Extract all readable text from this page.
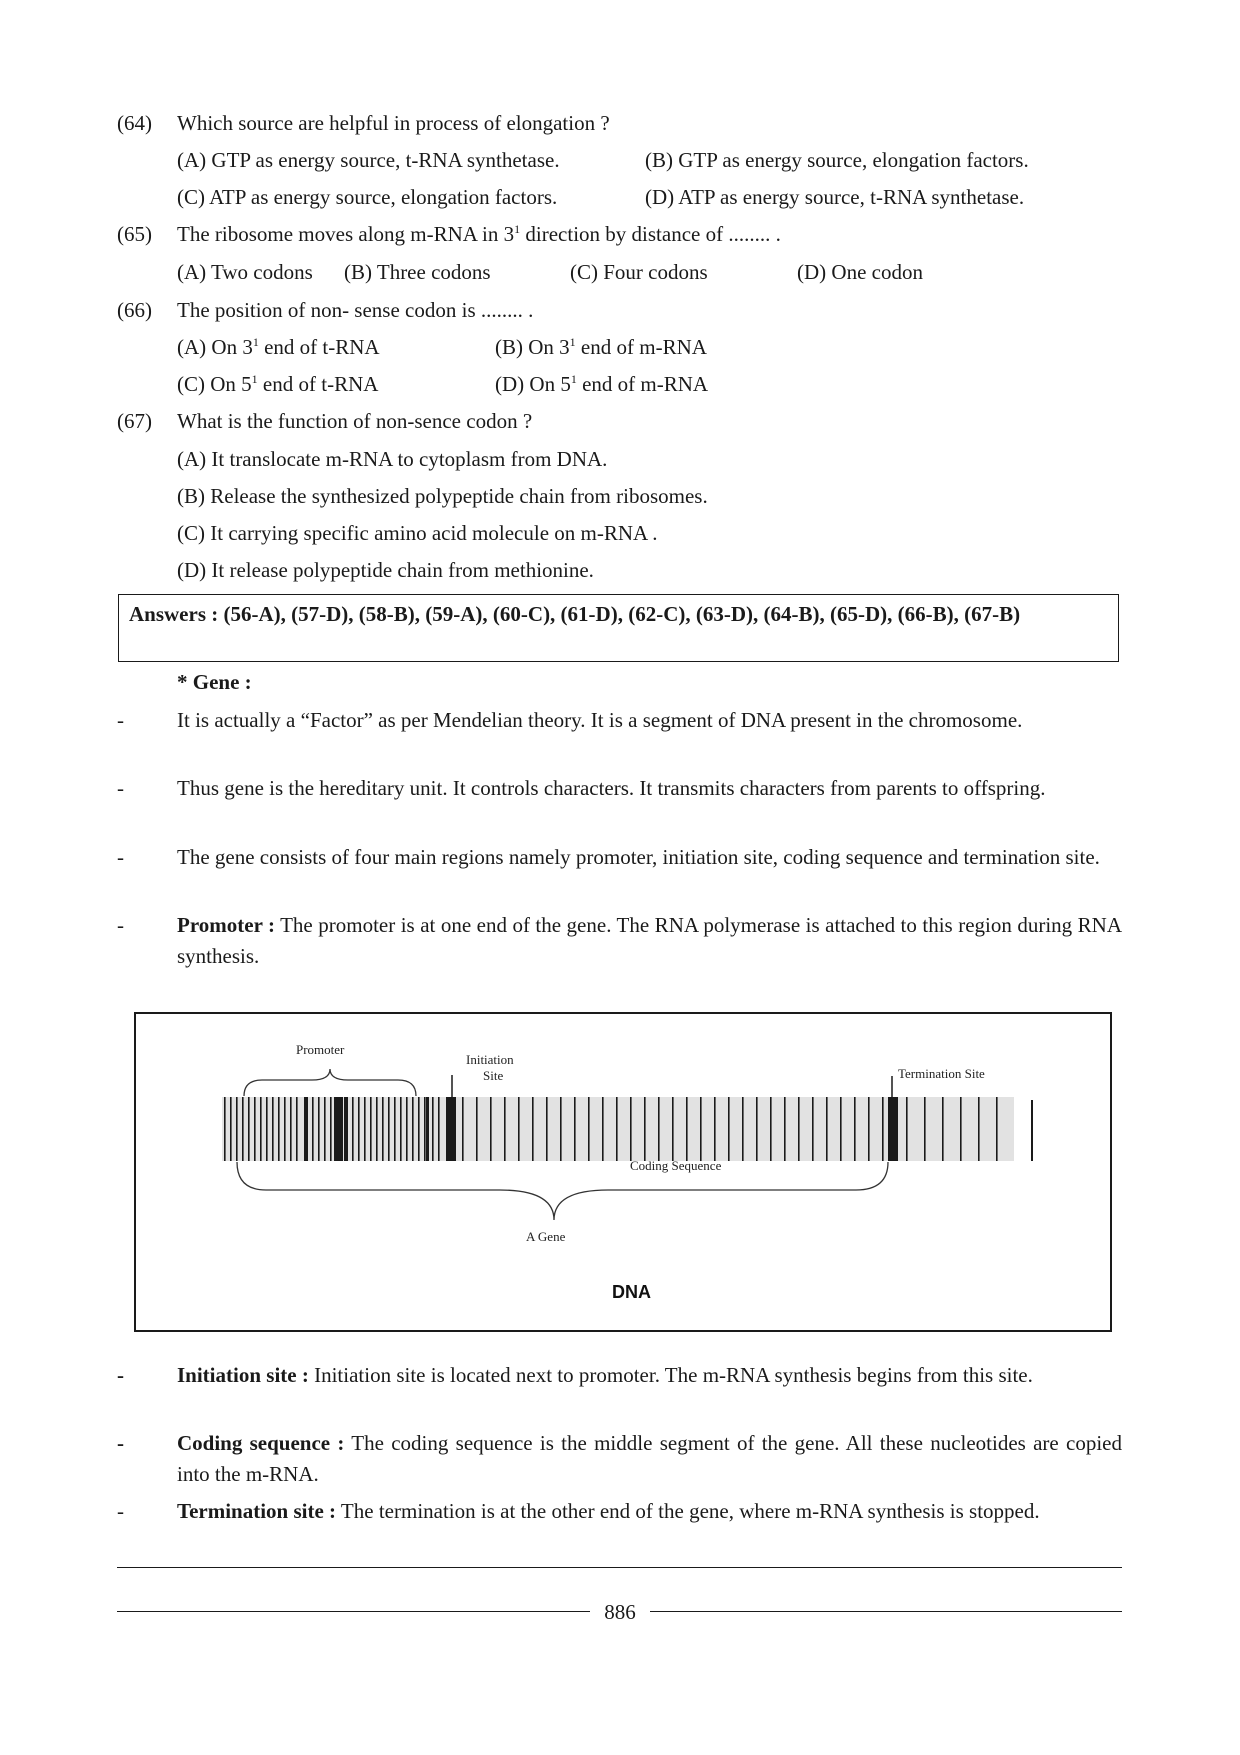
(64)	Which source are helpful in process of elongation ?
(A) GTP as energy source, t-RNA synthetase.	(B) GTP as energy source, elongation factors.
(C) ATP as energy source, elongation factors.	(D) ATP as energy source, t-RNA synthetase.
(65)	The ribosome moves along m-RNA in $3^1$ direction by distance of ........ .
(A) Two codons (B) Three codons	(C) Four codons	(D) One codon
(66)	The position of non- sense codon is ........ .
(A) On $3^1$ end of t-RNA	(B) On $3^1$ end of m-RNA
(C) On $5^1$ end of t-RNA	(D) On $5^1$ end of m-RNA
(67)	What is the function of non-sence codon ?
(A) It translocate m-RNA to cytoplasm from DNA.
(B) Release the synthesized polypeptide chain from ribosomes.
(C) It carrying specific amino acid molecule on m-RNA .
(D) It release polypeptide chain from methionine.
Answers : (56-A), (57-D), (58-B), (59-A), (60-C), (61-D), (62-C), (63-D), (64-B), (65-D), (66-B), (67-B)
* Gene :
-	It is actually a “Factor” as per Mendelian theory. It is a segment of DNA present in the chromosome.
-	Thus gene is the hereditary unit. It controls characters. It transmits characters from parents to offspring.
-	The gene consists of four main regions namely promoter, initiation site, coding sequence and termination site.
-	Promoter : The promoter is at one end of the gene. The RNA polymerase is attached to this region during RNA synthesis.
Promoter
Initiation
Site	Termination Site
Coding Sequence
A Gene
DNA
-	Initiation site : Initiation site is located next to promoter. The m-RNA synthesis begins from this site.
-	Coding sequence : The coding sequence is the middle segment of the gene. All these nucleotides are copied into the m-RNA.
-	Termination site : The termination is at the other end of the gene, where m-RNA synthesis is stopped.
886
